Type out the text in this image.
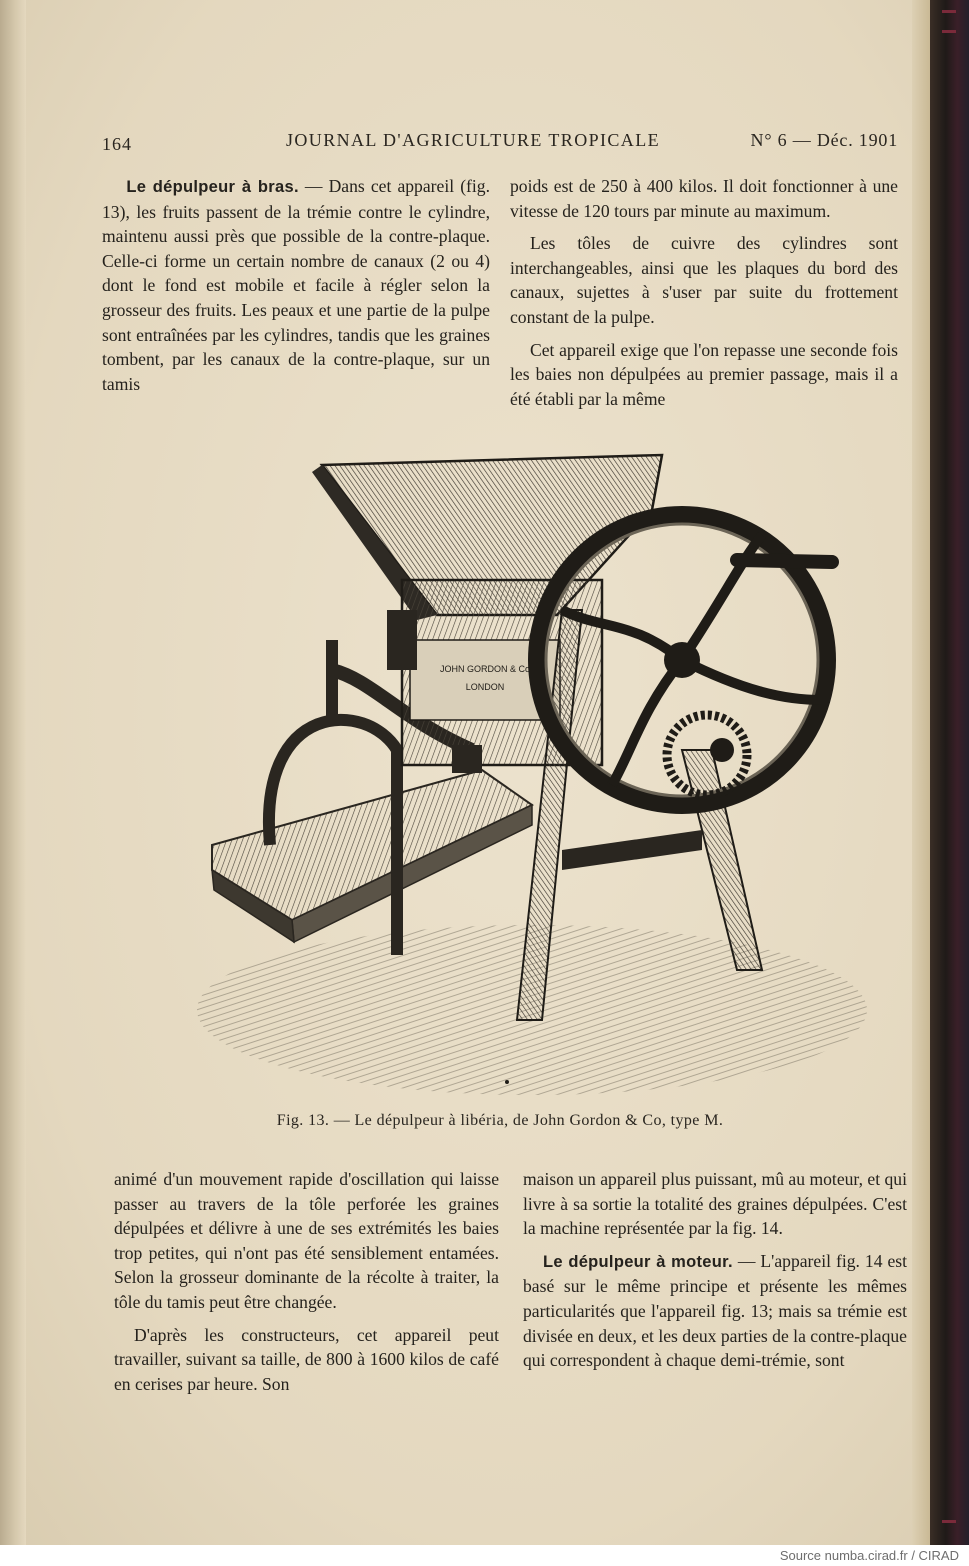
164	JOURNAL D'AGRICULTURE TROPICALE	N° 6 — Déc. 1901

Le dépulpeur à bras. — Dans cet appareil (fig. 13), les fruits passent de la trémie contre le cylindre, maintenu aussi près que possible de la contre-plaque. Celle-ci forme un certain nombre de canaux (2 ou 4) dont le fond est mobile et facile à régler selon la grosseur des fruits. Les peaux et une partie de la pulpe sont entraînées par les cylindres, tandis que les graines tombent, par les canaux de la contre-plaque, sur un tamis

poids est de 250 à 400 kilos. Il doit fonctionner à une vitesse de 120 tours par minute au maximum.

Les tôles de cuivre des cylindres sont interchangeables, ainsi que les plaques du bord des canaux, sujettes à s'user par suite du frottement constant de la pulpe.

Cet appareil exige que l'on repasse une seconde fois les baies non dépulpées au premier passage, mais il a été établi par la même

JOHN GORDON & Co
LONDON
Fig. 13. — Le dépulpeur à libéria, de John Gordon & Co, type M.

animé d'un mouvement rapide d'oscillation qui laisse passer au travers de la tôle perforée les graines dépulpées et délivre à une de ses extrémités les baies trop petites, qui n'ont pas été sensiblement entamées. Selon la grosseur dominante de la récolte à traiter, la tôle du tamis peut être changée.

D'après les constructeurs, cet appareil peut travailler, suivant sa taille, de 800 à 1600 kilos de café en cerises par heure. Son

maison un appareil plus puissant, mû au moteur, et qui livre à sa sortie la totalité des graines dépulpées. C'est la machine représentée par la fig. 14.

Le dépulpeur à moteur. — L'appareil fig. 14 est basé sur le même principe et présente les mêmes particularités que l'appareil fig. 13; mais sa trémie est divisée en deux, et les deux parties de la contre-plaque qui correspondent à chaque demi-trémie, sont

Source numba.cirad.fr / CIRAD
